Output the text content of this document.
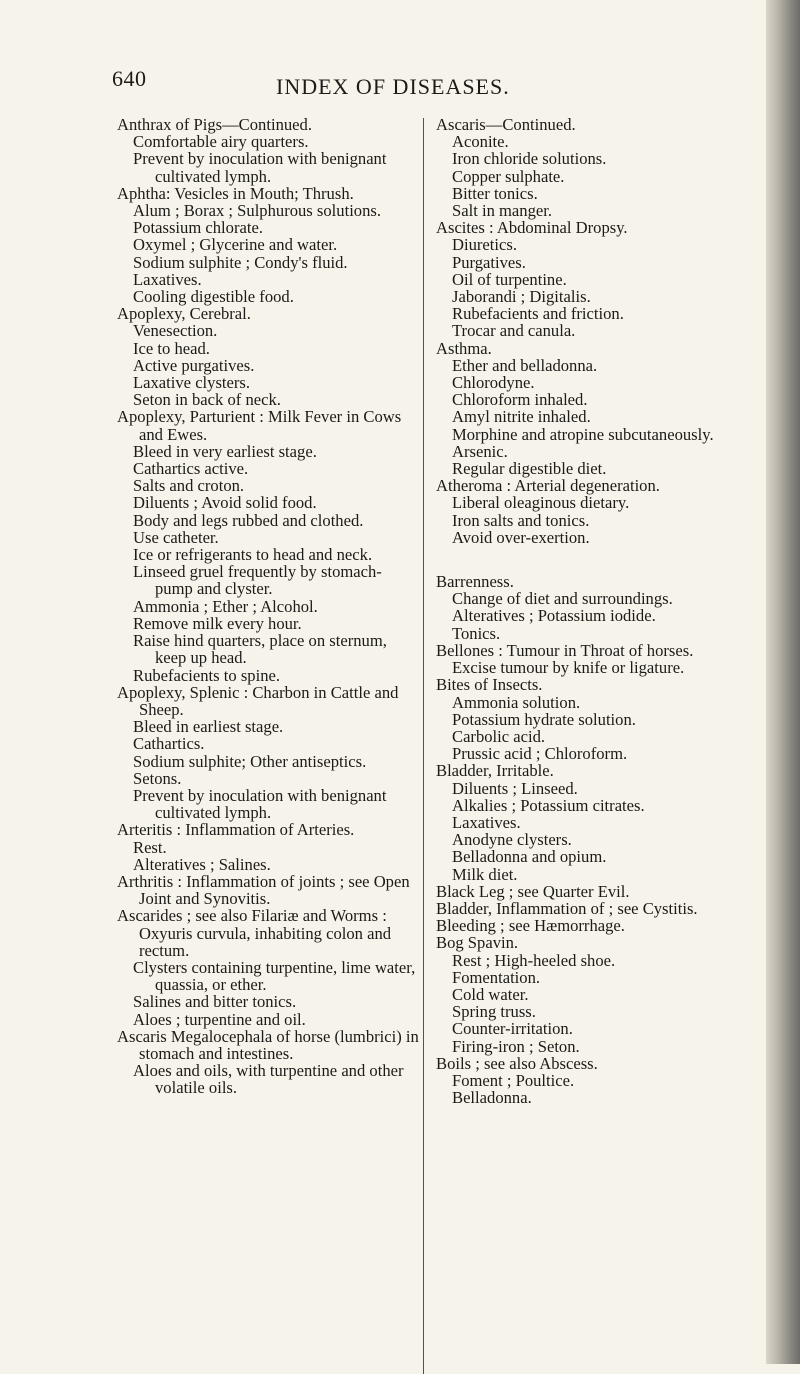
640	INDEX OF DISEASES.

Anthrax of Pigs—Continued.

Comfortable airy quarters.

Prevent by inoculation with benignant cultivated lymph.

Aphtha: Vesicles in Mouth; Thrush.

Alum ; Borax ; Sulphurous solutions.

Potassium chlorate.

Oxymel ; Glycerine and water.

Sodium sulphite ; Condy's fluid.

Laxatives.

Cooling digestible food.

Apoplexy, Cerebral.

Venesection.

Ice to head.

Active purgatives.

Laxative clysters.

Seton in back of neck.

Apoplexy, Parturient : Milk Fever in Cows and Ewes.

Bleed in very earliest stage.

Cathartics active.

Salts and croton.

Diluents ; Avoid solid food.

Body and legs rubbed and clothed.

Use catheter.

Ice or refrigerants to head and neck.

Linseed gruel frequently by stomach-pump and clyster.

Ammonia ; Ether ; Alcohol.

Remove milk every hour.

Raise hind quarters, place on sternum, keep up head.

Rubefacients to spine.

Apoplexy, Splenic : Charbon in Cattle and Sheep.

Bleed in earliest stage.

Cathartics.

Sodium sulphite; Other antiseptics.

Setons.

Prevent by inoculation with benignant cultivated lymph.

Arteritis : Inflammation of Arteries.

Rest.

Alteratives ; Salines.

Arthritis : Inflammation of joints ; see Open Joint and Synovitis.

Ascarides ; see also Filariæ and Worms : Oxyuris curvula, inhabiting colon and rectum.

Clysters containing turpentine, lime water, quassia, or ether.

Salines and bitter tonics.

Aloes ; turpentine and oil.

Ascaris Megalocephala of horse (lumbrici) in stomach and intestines.

Aloes and oils, with turpentine and other volatile oils.

Ascaris—Continued.

Aconite.

Iron chloride solutions.

Copper sulphate.

Bitter tonics.

Salt in manger.

Ascites : Abdominal Dropsy.

Diuretics.

Purgatives.

Oil of turpentine.

Jaborandi ; Digitalis.

Rubefacients and friction.

Trocar and canula.

Asthma.

Ether and belladonna.

Chlorodyne.

Chloroform inhaled.

Amyl nitrite inhaled.

Morphine and atropine subcutaneously.

Arsenic.

Regular digestible diet.

Atheroma : Arterial degeneration.

Liberal oleaginous dietary.

Iron salts and tonics.

Avoid over-exertion.

Barrenness.

Change of diet and surroundings.

Alteratives ; Potassium iodide.

Tonics.

Bellones : Tumour in Throat of horses.

Excise tumour by knife or ligature.

Bites of Insects.

Ammonia solution.

Potassium hydrate solution.

Carbolic acid.

Prussic acid ; Chloroform.

Bladder, Irritable.

Diluents ; Linseed.

Alkalies ; Potassium citrates.

Laxatives.

Anodyne clysters.

Belladonna and opium.

Milk diet.

Black Leg ; see Quarter Evil.

Bladder, Inflammation of ; see Cystitis.

Bleeding ; see Hæmorrhage.

Bog Spavin.

Rest ; High-heeled shoe.

Fomentation.

Cold water.

Spring truss.

Counter-irritation.

Firing-iron ; Seton.

Boils ; see also Abscess.

Foment ; Poultice.

Belladonna.
